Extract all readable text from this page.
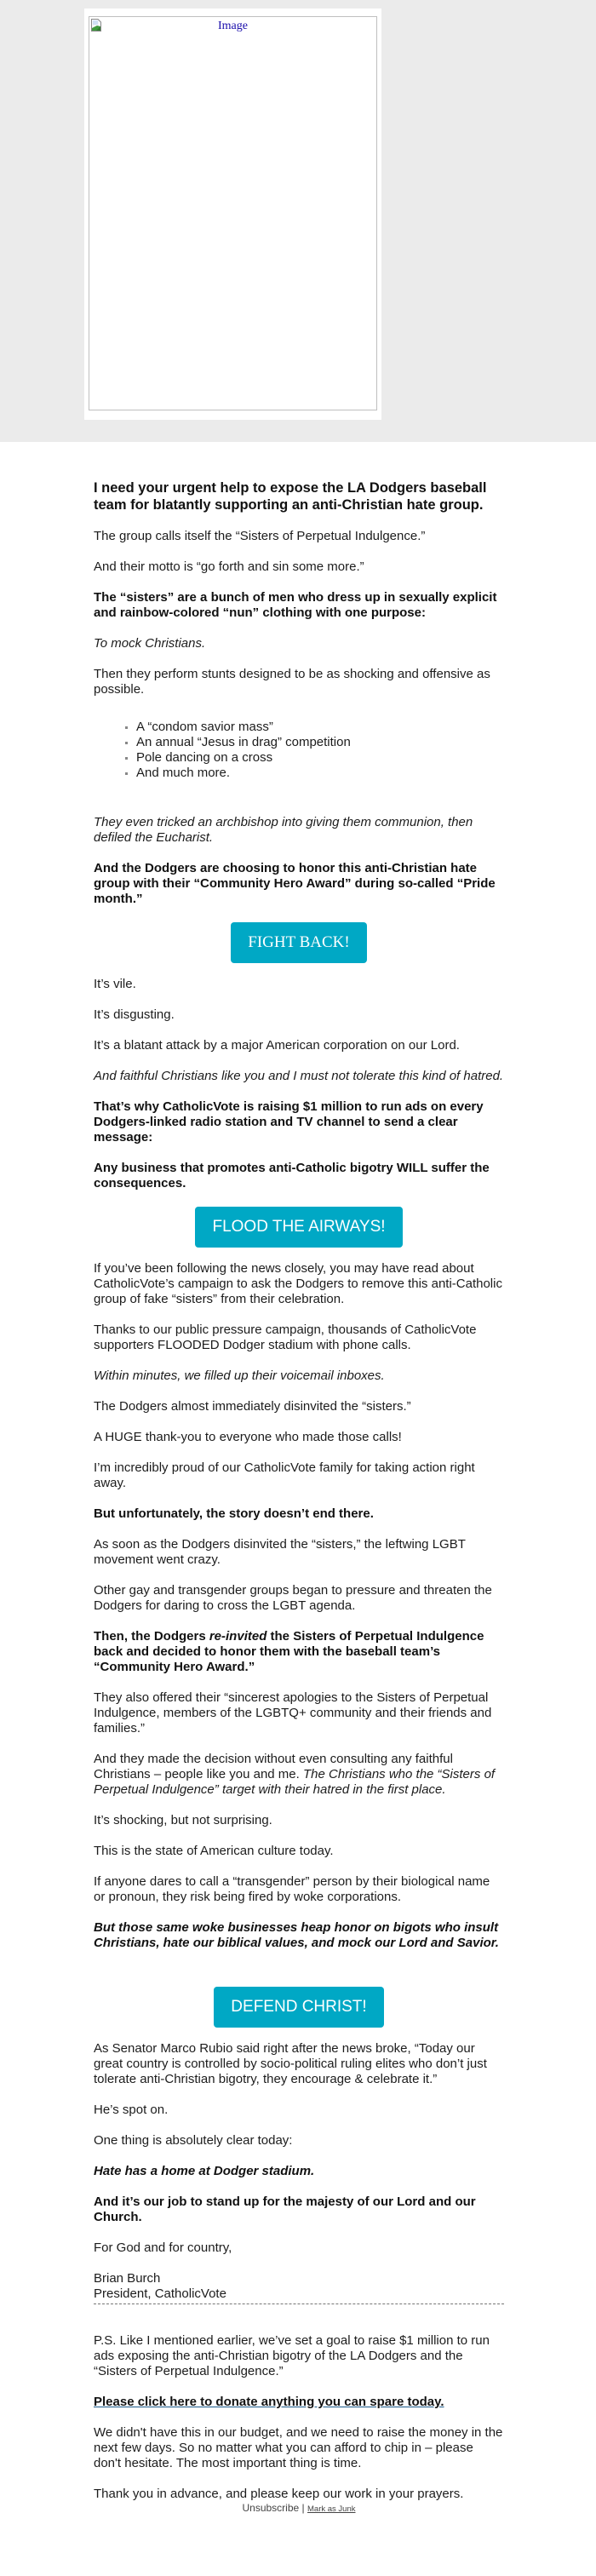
Image

I need your urgent help to expose the LA Dodgers baseball team for blatantly supporting an anti-Christian hate group.

The group calls itself the “Sisters of Perpetual Indulgence.”

And their motto is “go forth and sin some more.”

The “sisters” are a bunch of men who dress up in sexually explicit and rainbow-colored “nun” clothing with one purpose:

To mock Christians.

Then they perform stunts designed to be as shocking and offensive as possible.

A “condom savior mass”
An annual “Jesus in drag” competition
Pole dancing on a cross
And much more.

They even tricked an archbishop into giving them communion, then defiled the Eucharist.

And the Dodgers are choosing to honor this anti-Christian hate group with their “Community Hero Award” during so-called “Pride month.”

FIGHT BACK!

It’s vile.

It’s disgusting.

It’s a blatant attack by a major American corporation on our Lord.

And faithful Christians like you and I must not tolerate this kind of hatred.

That’s why CatholicVote is raising $1 million to run ads on every Dodgers-linked radio station and TV channel to send a clear message:

Any business that promotes anti-Catholic bigotry WILL suffer the consequences.

FLOOD THE AIRWAYS!

If you’ve been following the news closely, you may have read about CatholicVote’s campaign to ask the Dodgers to remove this anti-Catholic group of fake “sisters” from their celebration.

Thanks to our public pressure campaign, thousands of CatholicVote supporters FLOODED Dodger stadium with phone calls.

Within minutes, we filled up their voicemail inboxes.

The Dodgers almost immediately disinvited the “sisters.”

A HUGE thank-you to everyone who made those calls!

I’m incredibly proud of our CatholicVote family for taking action right away.

But unfortunately, the story doesn’t end there.

As soon as the Dodgers disinvited the “sisters,” the leftwing LGBT movement went crazy.

Other gay and transgender groups began to pressure and threaten the Dodgers for daring to cross the LGBT agenda.

Then, the Dodgers re-invited the Sisters of Perpetual Indulgence back and decided to honor them with the baseball team’s “Community Hero Award.”

They also offered their “sincerest apologies to the Sisters of Perpetual Indulgence, members of the LGBTQ+ community and their friends and families.”

And they made the decision without even consulting any faithful Christians – people like you and me. The Christians who the “Sisters of Perpetual Indulgence” target with their hatred in the first place.

It’s shocking, but not surprising.

This is the state of American culture today.

If anyone dares to call a “transgender” person by their biological name or pronoun, they risk being fired by woke corporations.

But those same woke businesses heap honor on bigots who insult Christians, hate our biblical values, and mock our Lord and Savior.

DEFEND CHRIST!

As Senator Marco Rubio said right after the news broke, “Today our great country is controlled by socio-political ruling elites who don’t just tolerate anti-Christian bigotry, they encourage & celebrate it.”

He’s spot on.

One thing is absolutely clear today:

Hate has a home at Dodger stadium.

And it’s our job to stand up for the majesty of our Lord and our Church.

For God and for country,

Brian Burch
President, CatholicVote

P.S. Like I mentioned earlier, we’ve set a goal to raise $1 million to run ads exposing the anti-Christian bigotry of the LA Dodgers and the “Sisters of Perpetual Indulgence.”

Please click here to donate anything you can spare today.

We didn't have this in our budget, and we need to raise the money in the next few days. So no matter what you can afford to chip in – please don't hesitate. The most important thing is time.

Thank you in advance, and please keep our work in your prayers.

Unsubscribe | Mark as Junk
